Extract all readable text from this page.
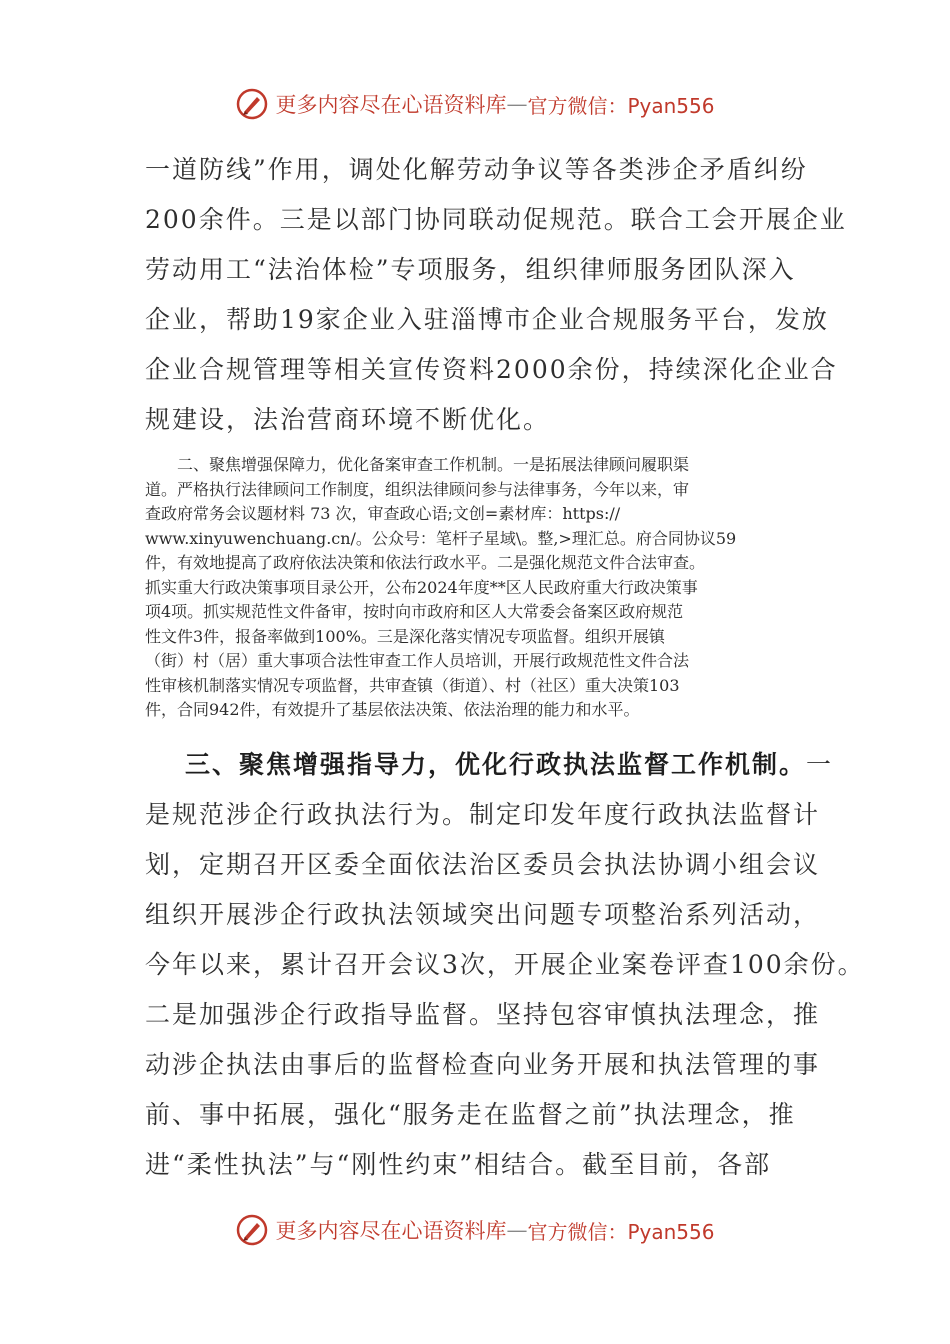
更多内容尽在心语资料库 — 官方微信：Pyan556
一道防线”作用，调处化解劳动争议等各类涉企矛盾纠纷
200余件。三是以部门协同联动促规范。联合工会开展企业
劳动用工“法治体检”专项服务，组织律师服务团队深入
企业，帮助19家企业入驻淄博市企业合规服务平台，发放
企业合规管理等相关宣传资料2000余份，持续深化企业合
规建设，法治营商环境不断优化。
二、聚焦增强保障力，优化备案审查工作机制。一是拓展法律顾问履职渠
道。严格执行法律顾问工作制度，组织法律顾问参与法律事务，今年以来，审
查政府常务会议题材料 73 次，审查政心语;文创=素材库：https://
www.xinyuwenchuang.cn/。公众号：笔杆子星域\。整,>理汇总。府合同协议59
件，有效地提高了政府依法决策和依法行政水平。二是强化规范文件合法审查。
抓实重大行政决策事项目录公开，公布2024年度**区人民政府重大行政决策事
项4项。抓实规范性文件备审，按时向市政府和区人大常委会备案区政府规范
性文件3件，报备率做到100%。三是深化落实情况专项监督。组织开展镇
（街）村（居）重大事项合法性审查工作人员培训，开展行政规范性文件合法
性审核机制落实情况专项监督，共审查镇（街道）、村（社区）重大决策103
件，合同942件，有效提升了基层依法决策、依法治理的能力和水平。
三、聚焦增强指导力，优化行政执法监督工作机制。一
是规范涉企行政执法行为。制定印发年度行政执法监督计
划，定期召开区委全面依法治区委员会执法协调小组会议
组织开展涉企行政执法领域突出问题专项整治系列活动，
今年以来，累计召开会议3次，开展企业案卷评查100余份。
二是加强涉企行政指导监督。坚持包容审慎执法理念，推
动涉企执法由事后的监督检查向业务开展和执法管理的事
前、事中拓展，强化“服务走在监督之前”执法理念，推
进“柔性执法”与“刚性约束”相结合。截至目前，各部
更多内容尽在心语资料库 — 官方微信：Pyan556
